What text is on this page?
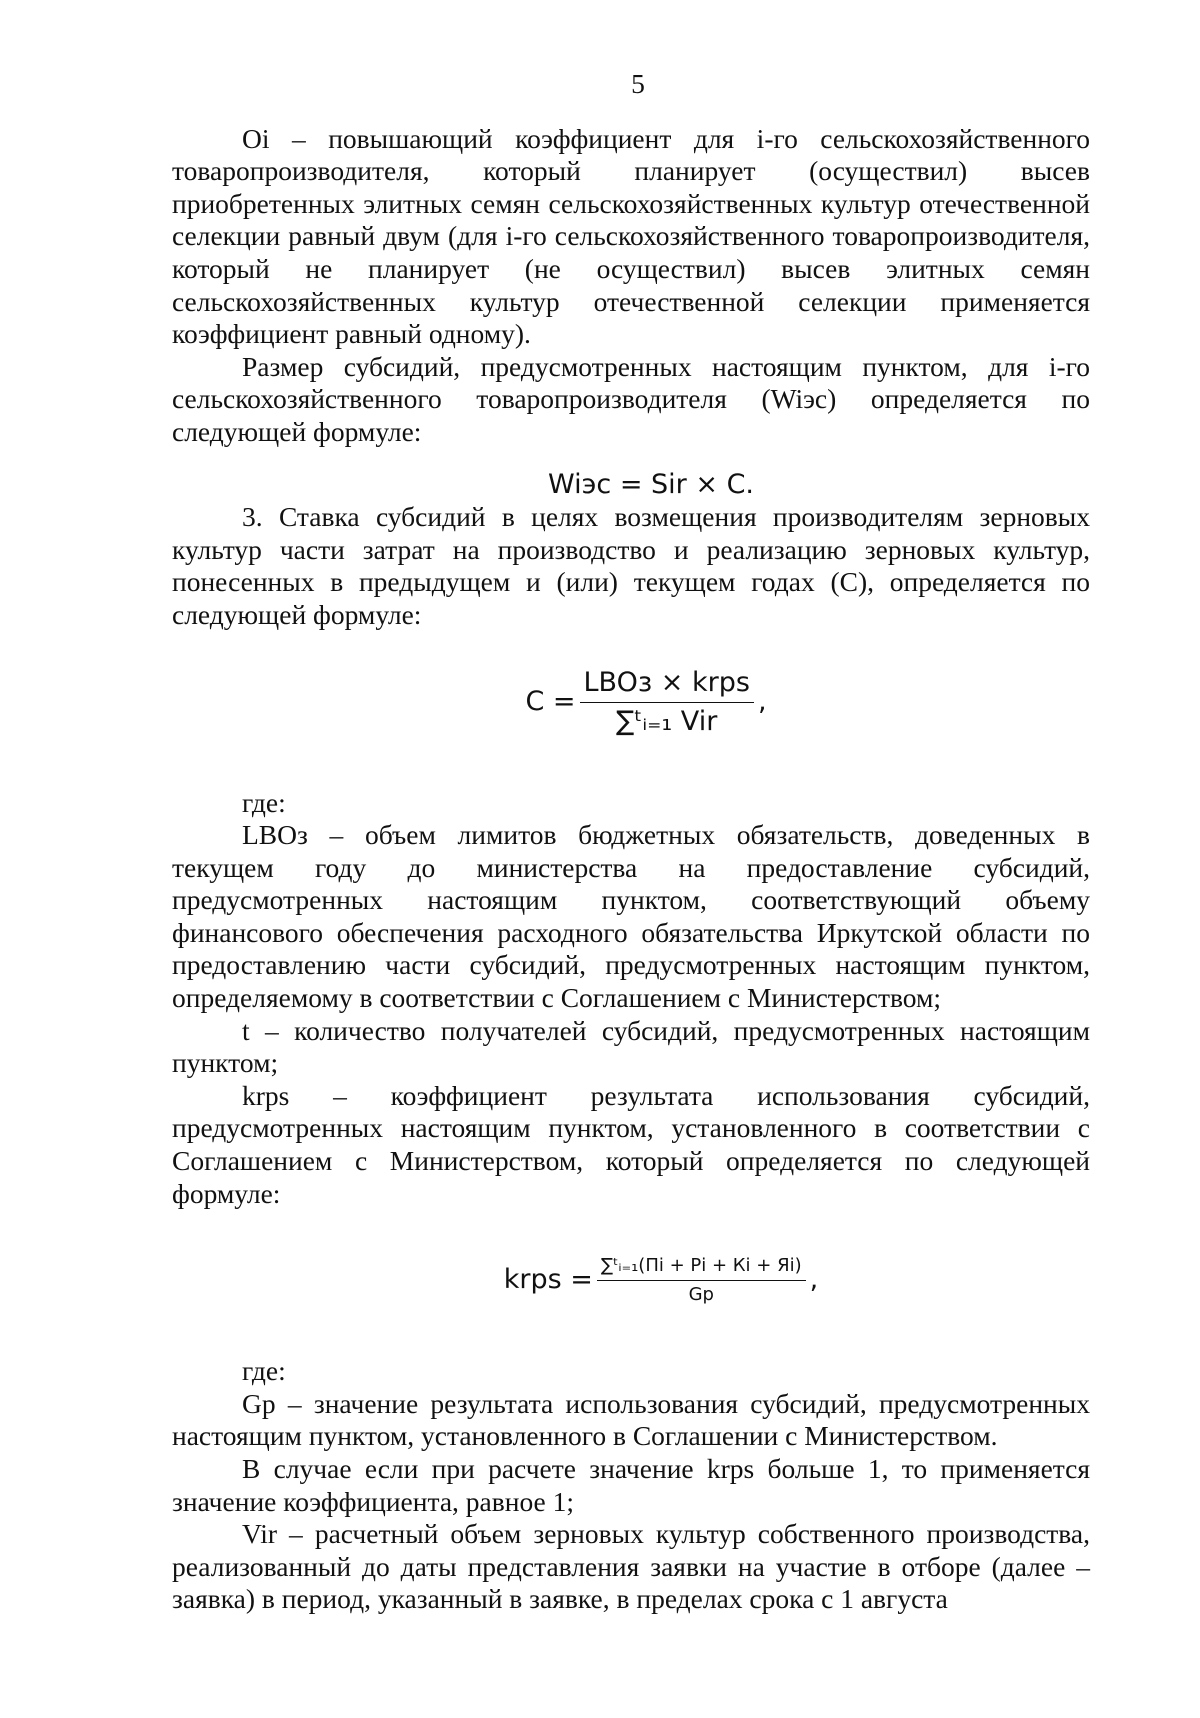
5

Оi – повышающий коэффициент для i-го сельскохозяйственного товаропроизводителя, который планирует (осуществил) высев приобретенных элитных семян сельскохозяйственных культур отечественной селекции равный двум (для i-го сельскохозяйственного товаропроизводителя, который не планирует (не осуществил) высев элитных семян сельскохозяйственных культур отечественной селекции применяется коэффициент равный одному).

Размер субсидий, предусмотренных настоящим пунктом, для i-го сельскохозяйственного товаропроизводителя (Wiэс) определяется по следующей формуле:

Wiэс = Sir × C.

3. Ставка субсидий в целях возмещения производителям зерновых культур части затрат на производство и реализацию зерновых культур, понесенных в предыдущем и (или) текущем годах (С), определяется по следующей формуле:

$C = \frac{\text{LBOз × krps}}{\text{∑ᵗᵢ₌₁ Vir}}$ ,

где:

LBOз – объем лимитов бюджетных обязательств, доведенных в текущем году до министерства на предоставление субсидий, предусмотренных настоящим пунктом, соответствующий объему финансового обеспечения расходного обязательства Иркутской области по предоставлению части субсидий, предусмотренных настоящим пунктом, определяемому в соответствии с Соглашением с Министерством;

t – количество получателей субсидий, предусмотренных настоящим пунктом;

krps – коэффициент результата использования субсидий, предусмотренных настоящим пунктом, установленного в соответствии с Соглашением с Министерством, который определяется по следующей формуле:

krps = $\frac{\text{∑ᵗᵢ₌₁(Пi + Рi + Кi + Яi)}}{Gp}$ ,

где:

Gp – значение результата использования субсидий, предусмотренных настоящим пунктом, установленного в Соглашении с Министерством.

В случае если при расчете значение krps больше 1, то применяется значение коэффициента, равное 1;

Vir – расчетный объем зерновых культур собственного производства, реализованный до даты представления заявки на участие в отборе (далее – заявка) в период, указанный в заявке, в пределах срока с 1 августа
